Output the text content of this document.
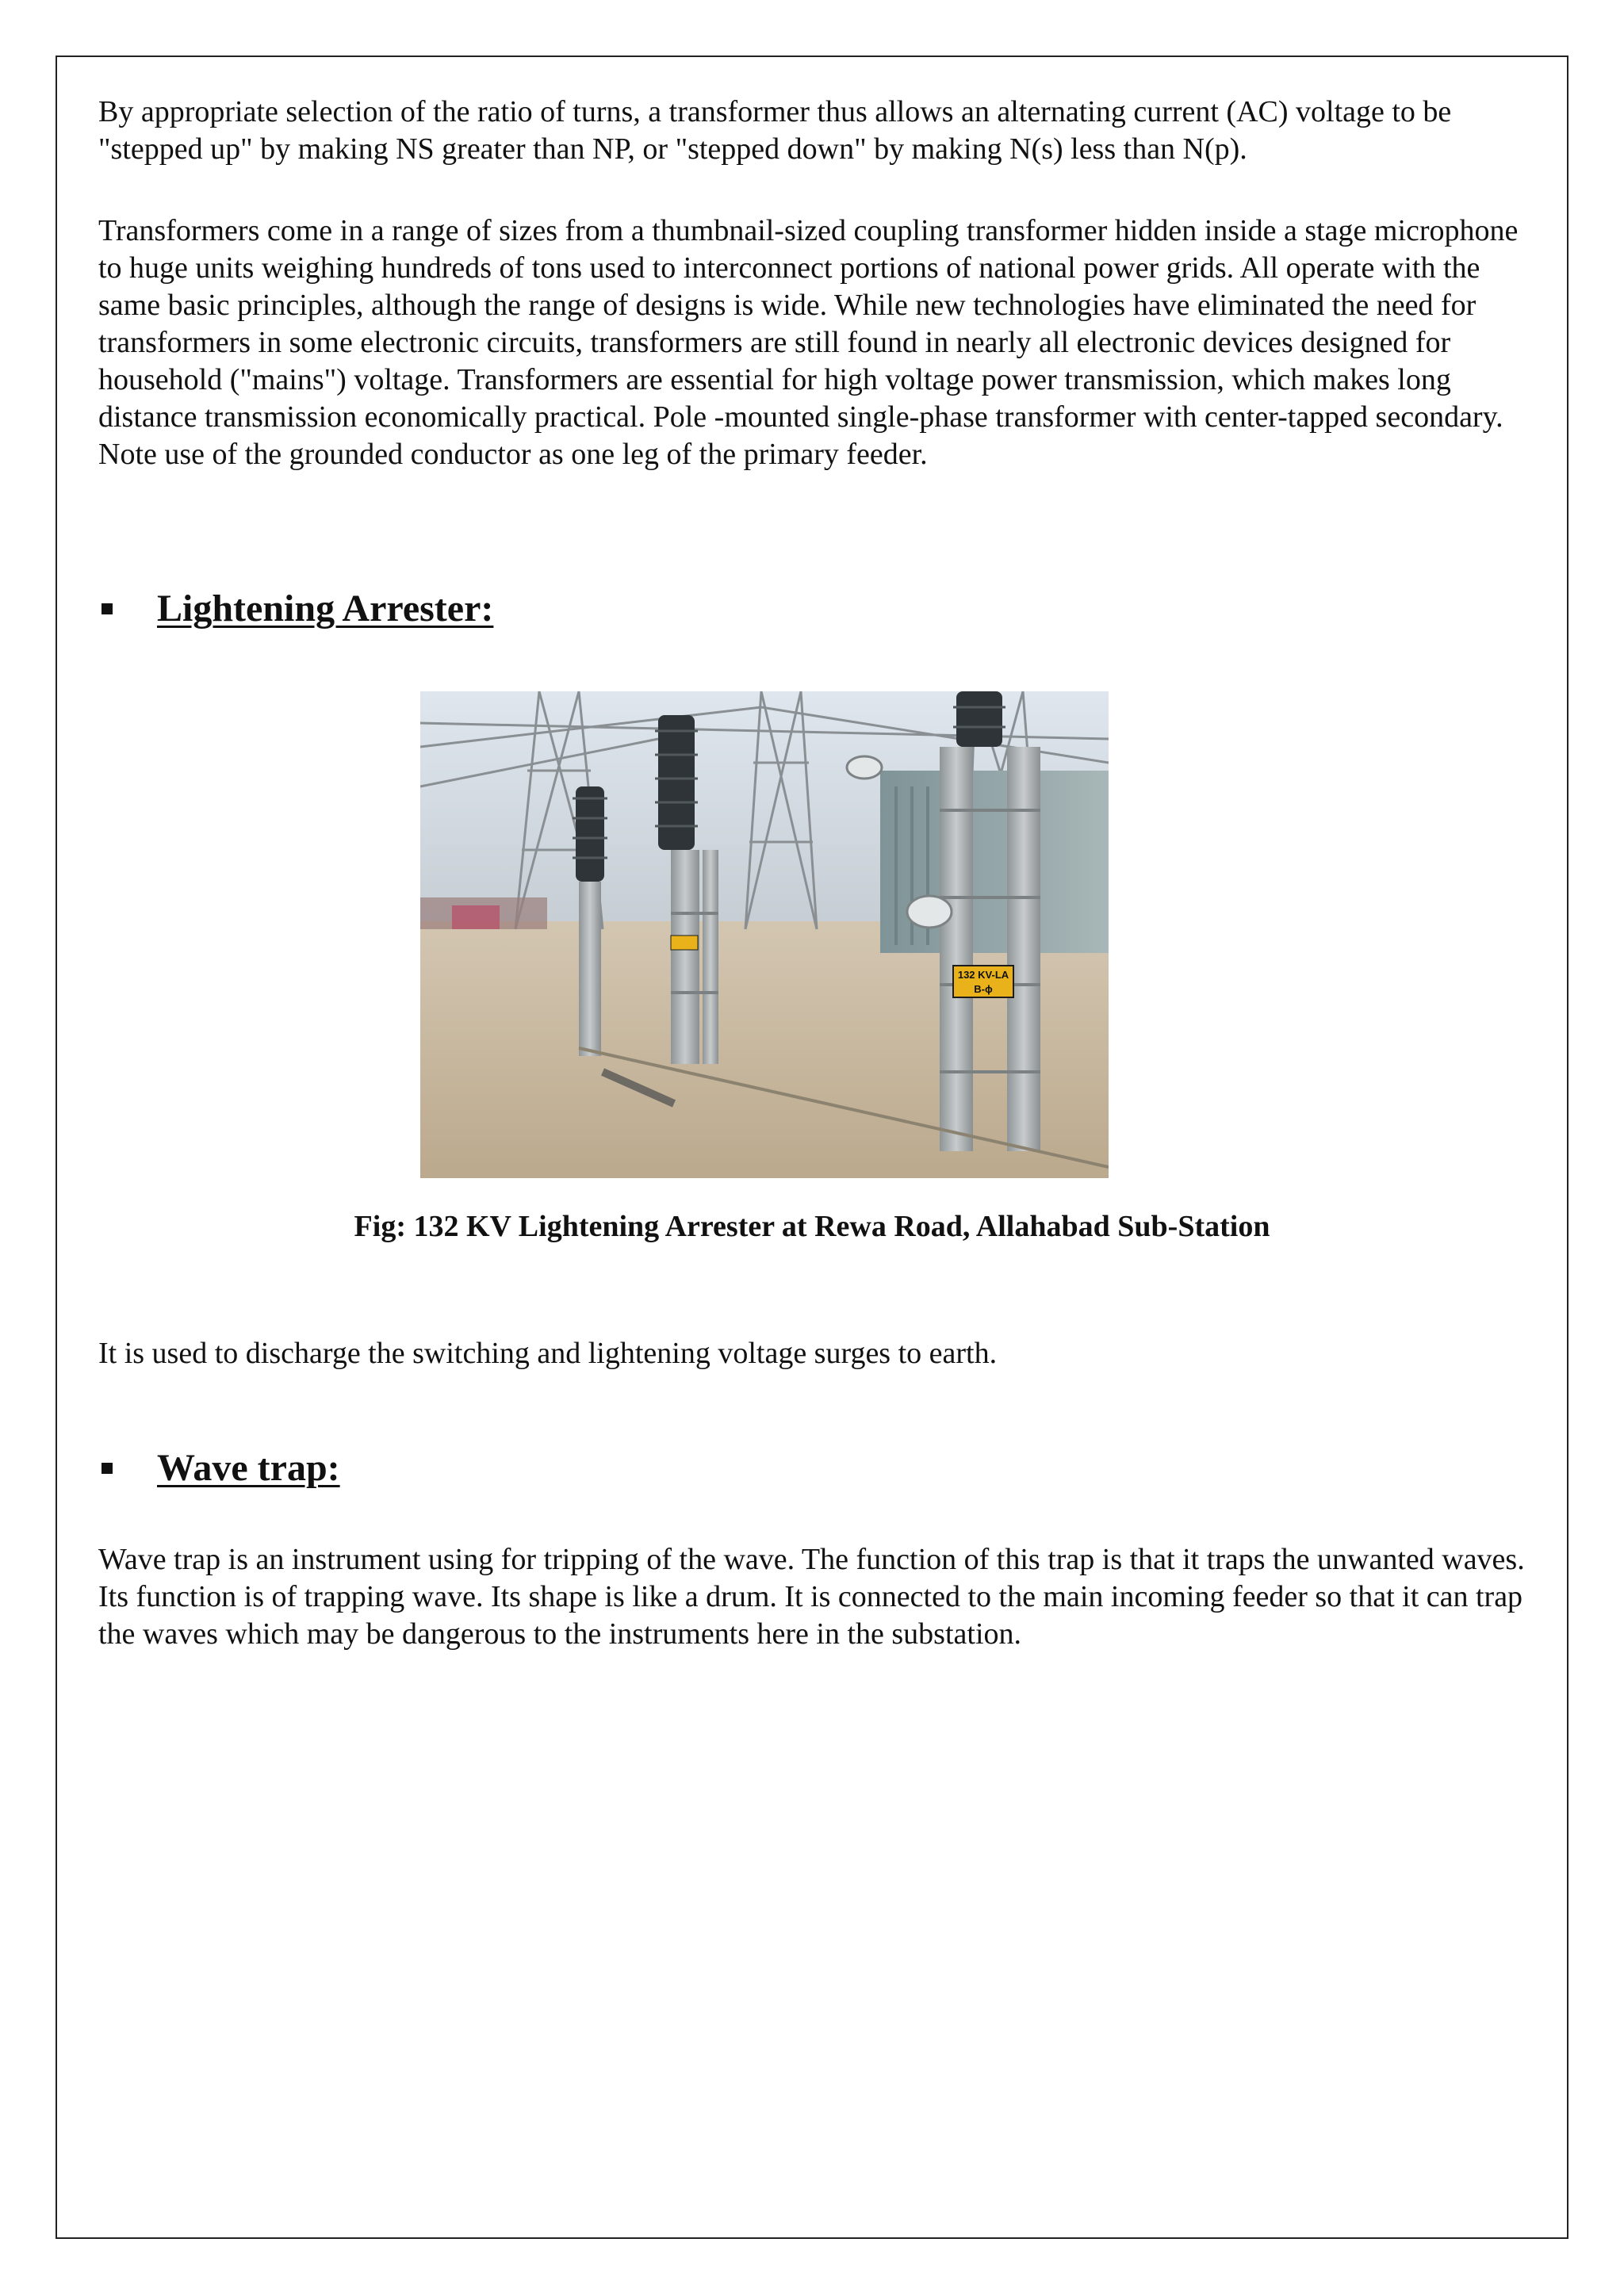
By appropriate selection of the ratio of turns, a transformer thus allows an alternating current (AC) voltage to be "stepped up" by making NS greater than NP, or "stepped down" by making N(s) less than N(p).

Transformers come in a range of sizes from a thumbnail-sized coupling transformer hidden inside a stage microphone to huge units weighing hundreds of tons used to interconnect portions of national power grids. All operate with the same basic principles, although the range of designs is wide. While new technologies have eliminated the need for transformers in some electronic circuits, transformers are still found in nearly all electronic devices designed for household ("mains") voltage. Transformers are essential for high voltage power transmission, which makes long distance transmission economically practical. Pole -mounted single-phase transformer with center-tapped secondary. Note use of the grounded conductor as one leg of the primary feeder.

Lightening Arrester:
132 KV-LA
B-ϕ
Fig: 132 KV Lightening Arrester at Rewa Road, Allahabad Sub-Station

It is used to discharge the switching and lightening voltage surges to earth.

Wave trap:

Wave trap is an instrument using for tripping of the wave. The function of this trap is that it traps the unwanted waves. Its function is of trapping wave. Its shape is like a drum. It is connected to the main incoming feeder so that it can trap the waves which may be dangerous to the instruments here in the substation.
